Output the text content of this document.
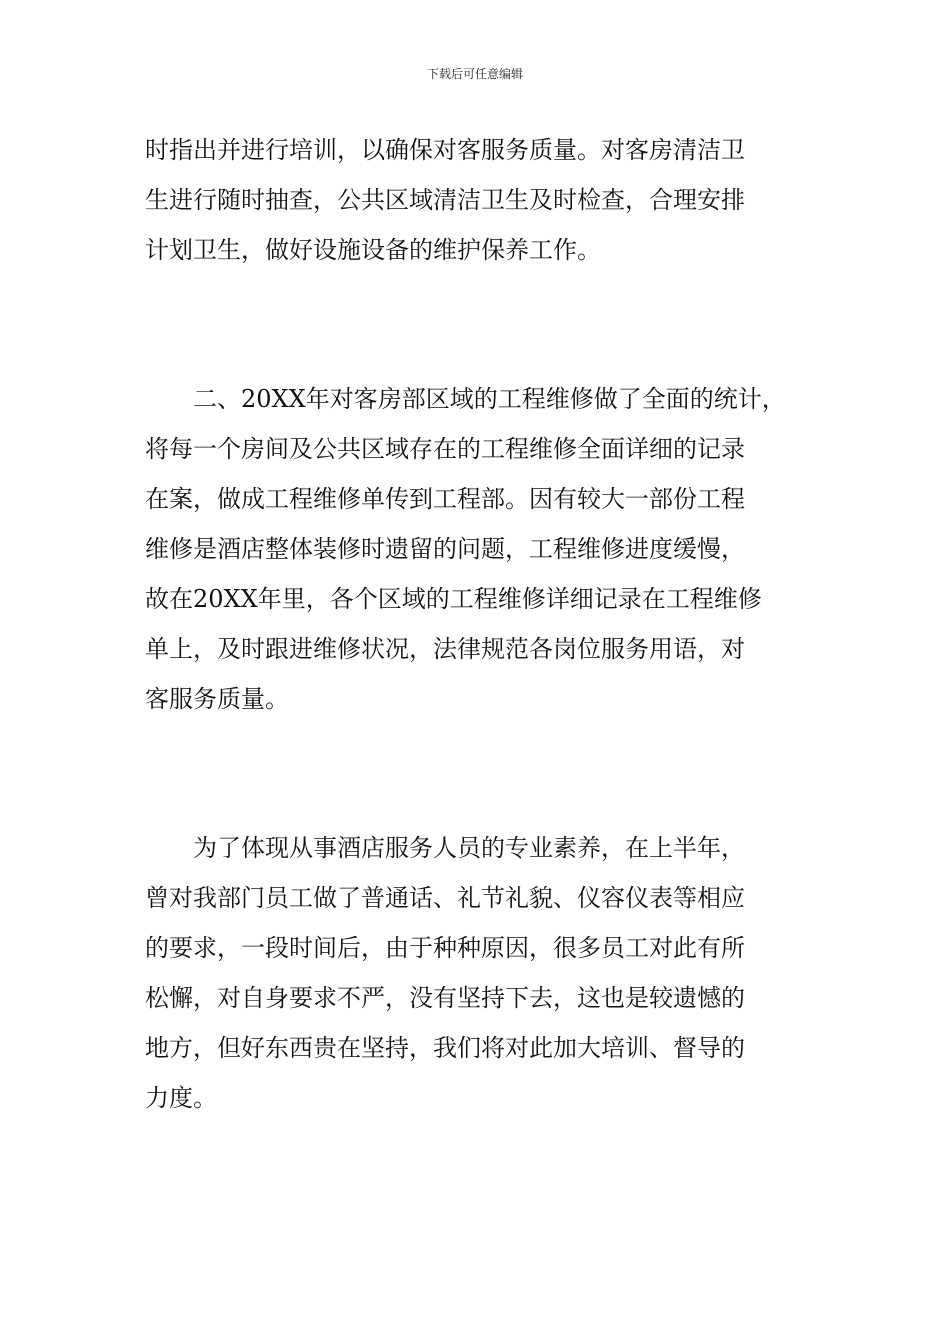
下载后可任意编辑
时指出并进行培训，以确保对客服务质量。对客房清洁卫
生进行随时抽查，公共区域清洁卫生及时检查，合理安排
计划卫生，做好设施设备的维护保养工作。
二、20XX年对客房部区域的工程维修做了全面的统计，
将每一个房间及公共区域存在的工程维修全面详细的记录
在案，做成工程维修单传到工程部。因有较大一部份工程
维修是酒店整体装修时遗留的问题，工程维修进度缓慢，
故在20XX年里，各个区域的工程维修详细记录在工程维修
单上，及时跟进维修状况，法律规范各岗位服务用语，对
客服务质量。
为了体现从事酒店服务人员的专业素养，在上半年，
曾对我部门员工做了普通话、礼节礼貌、仪容仪表等相应
的要求，一段时间后，由于种种原因，很多员工对此有所
松懈，对自身要求不严，没有坚持下去，这也是较遗憾的
地方，但好东西贵在坚持，我们将对此加大培训、督导的
力度。
